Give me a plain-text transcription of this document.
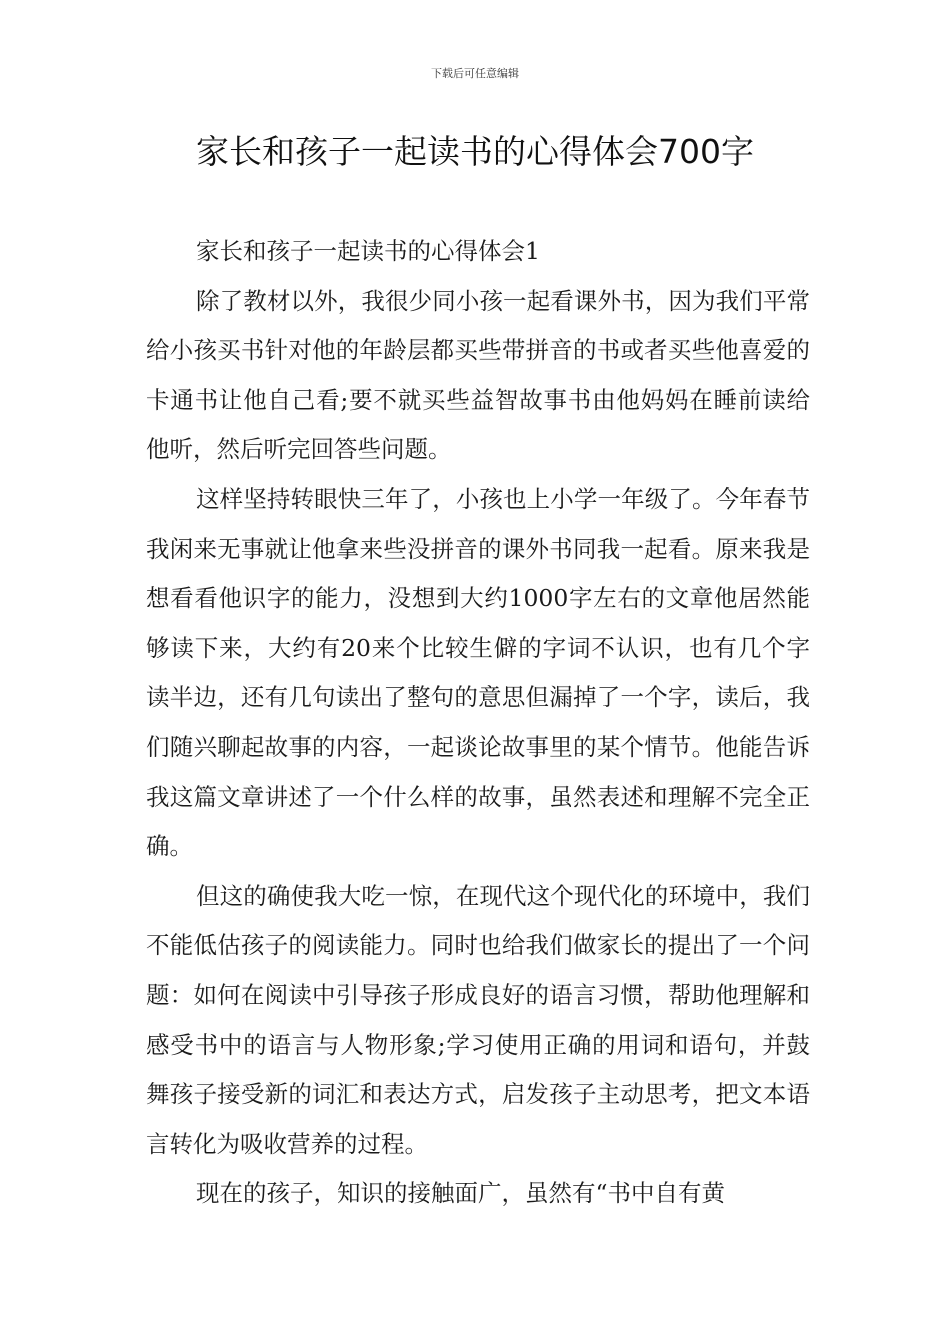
下载后可任意编辑
家长和孩子一起读书的心得体会700字

家长和孩子一起读书的心得体会1

除了教材以外，我很少同小孩一起看课外书，因为我们平常给小孩买书针对他的年龄层都买些带拼音的书或者买些他喜爱的卡通书让他自己看;要不就买些益智故事书由他妈妈在睡前读给他听，然后听完回答些问题。

这样坚持转眼快三年了，小孩也上小学一年级了。今年春节我闲来无事就让他拿来些没拼音的课外书同我一起看。原来我是想看看他识字的能力，没想到大约1000字左右的文章他居然能够读下来，大约有20来个比较生僻的字词不认识，也有几个字读半边，还有几句读出了整句的意思但漏掉了一个字，读后，我们随兴聊起故事的内容，一起谈论故事里的某个情节。他能告诉我这篇文章讲述了一个什么样的故事，虽然表述和理解不完全正确。

但这的确使我大吃一惊，在现代这个现代化的环境中，我们不能低估孩子的阅读能力。同时也给我们做家长的提出了一个问题：如何在阅读中引导孩子形成良好的语言习惯，帮助他理解和感受书中的语言与人物形象;学习使用正确的用词和语句，并鼓舞孩子接受新的词汇和表达方式，启发孩子主动思考，把文本语言转化为吸收营养的过程。

现在的孩子，知识的接触面广，虽然有“书中自有黄
